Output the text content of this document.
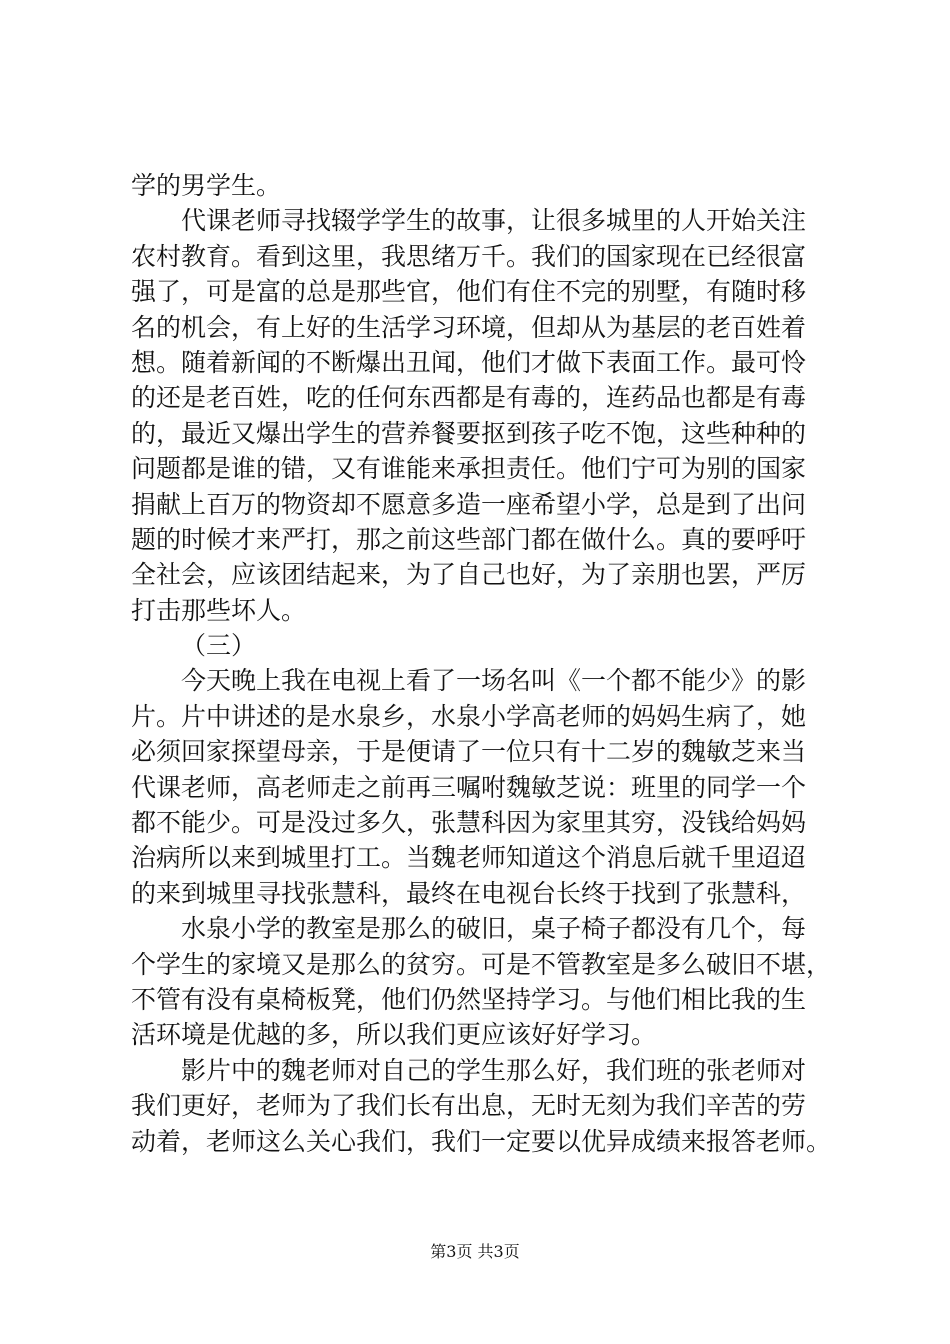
学的男学生。
代课老师寻找辍学学生的故事，让很多城里的人开始关注
农村教育。看到这里，我思绪万千。我们的国家现在已经很富
强了，可是富的总是那些官，他们有住不完的别墅，有随时移
名的机会，有上好的生活学习环境，但却从为基层的老百姓着
想。随着新闻的不断爆出丑闻，他们才做下表面工作。最可怜
的还是老百姓，吃的任何东西都是有毒的，连药品也都是有毒
的，最近又爆出学生的营养餐要抠到孩子吃不饱，这些种种的
问题都是谁的错，又有谁能来承担责任。他们宁可为别的国家
捐献上百万的物资却不愿意多造一座希望小学，总是到了出问
题的时候才来严打，那之前这些部门都在做什么。真的要呼吁
全社会，应该团结起来，为了自己也好，为了亲朋也罢，严厉
打击那些坏人。
（三）
今天晚上我在电视上看了一场名叫《一个都不能少》的影
片。片中讲述的是水泉乡，水泉小学高老师的妈妈生病了，她
必须回家探望母亲，于是便请了一位只有十二岁的魏敏芝来当
代课老师，高老师走之前再三嘱咐魏敏芝说：班里的同学一个
都不能少。可是没过多久，张慧科因为家里其穷，没钱给妈妈
治病所以来到城里打工。当魏老师知道这个消息后就千里迢迢
的来到城里寻找张慧科，最终在电视台长终于找到了张慧科，
水泉小学的教室是那么的破旧，桌子椅子都没有几个，每
个学生的家境又是那么的贫穷。可是不管教室是多么破旧不堪，
不管有没有桌椅板凳，他们仍然坚持学习。与他们相比我的生
活环境是优越的多，所以我们更应该好好学习。
影片中的魏老师对自己的学生那么好，我们班的张老师对
我们更好，老师为了我们长有出息，无时无刻为我们辛苦的劳
动着，老师这么关心我们，我们一定要以优异成绩来报答老师。
第3页 共3页
